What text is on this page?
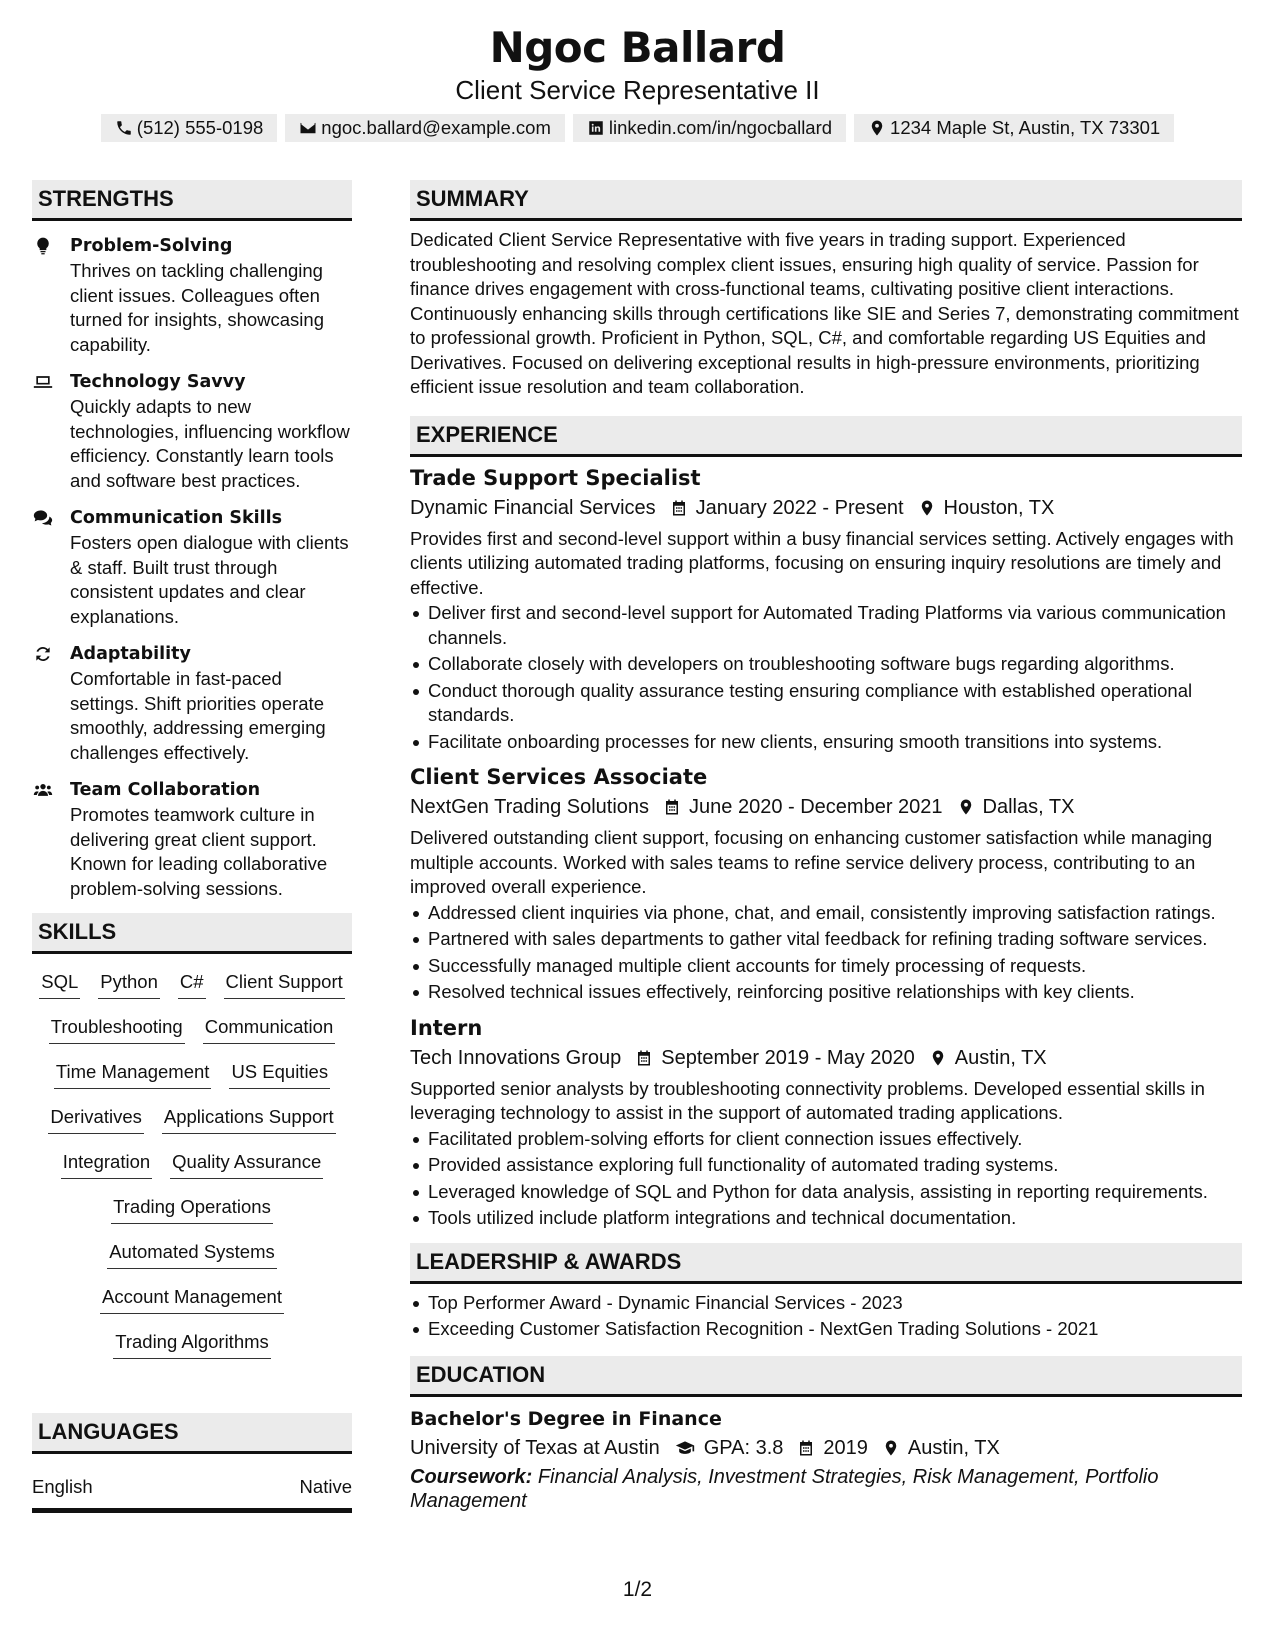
Ngoc Ballard
Client Service Representative II
(512) 555-0198	ngoc.ballard@example.com	linkedin.com/in/ngocballard	1234 Maple St, Austin, TX 73301
STRENGTHS
Problem-Solving
Thrives on tackling challenging client issues. Colleagues often turned for insights, showcasing capability.
Technology Savvy
Quickly adapts to new technologies, influencing workflow efficiency. Constantly learn tools and software best practices.
Communication Skills
Fosters open dialogue with clients & staff. Built trust through consistent updates and clear explanations.
Adaptability
Comfortable in fast-paced settings. Shift priorities operate smoothly, addressing emerging challenges effectively.
Team Collaboration
Promotes teamwork culture in delivering great client support. Known for leading collaborative problem-solving sessions.
SKILLS
SQL Python C# Client Support
Troubleshooting Communication
Time Management US Equities
Derivatives Applications Support
Integration Quality Assurance
Trading Operations
Automated Systems
Account Management
Trading Algorithms
LANGUAGES
English	Native
SUMMARY
Dedicated Client Service Representative with five years in trading support. Experienced troubleshooting and resolving complex client issues, ensuring high quality of service. Passion for finance drives engagement with cross-functional teams, cultivating positive client interactions. Continuously enhancing skills through certifications like SIE and Series 7, demonstrating commitment to professional growth. Proficient in Python, SQL, C#, and comfortable regarding US Equities and Derivatives. Focused on delivering exceptional results in high-pressure environments, prioritizing efficient issue resolution and team collaboration.
EXPERIENCE
Trade Support Specialist
Dynamic Financial Services January 2022 - Present Houston, TX
Provides first and second-level support within a busy financial services setting. Actively engages with clients utilizing automated trading platforms, focusing on ensuring inquiry resolutions are timely and effective.
Deliver first and second-level support for Automated Trading Platforms via various communication channels.
Collaborate closely with developers on troubleshooting software bugs regarding algorithms.
Conduct thorough quality assurance testing ensuring compliance with established operational standards.
Facilitate onboarding processes for new clients, ensuring smooth transitions into systems.
Client Services Associate
NextGen Trading Solutions June 2020 - December 2021 Dallas, TX
Delivered outstanding client support, focusing on enhancing customer satisfaction while managing multiple accounts. Worked with sales teams to refine service delivery process, contributing to an improved overall experience.
Addressed client inquiries via phone, chat, and email, consistently improving satisfaction ratings.
Partnered with sales departments to gather vital feedback for refining trading software services.
Successfully managed multiple client accounts for timely processing of requests.
Resolved technical issues effectively, reinforcing positive relationships with key clients.
Intern
Tech Innovations Group September 2019 - May 2020 Austin, TX
Supported senior analysts by troubleshooting connectivity problems. Developed essential skills in leveraging technology to assist in the support of automated trading applications.
Facilitated problem-solving efforts for client connection issues effectively.
Provided assistance exploring full functionality of automated trading systems.
Leveraged knowledge of SQL and Python for data analysis, assisting in reporting requirements.
Tools utilized include platform integrations and technical documentation.
LEADERSHIP & AWARDS
Top Performer Award - Dynamic Financial Services - 2023
Exceeding Customer Satisfaction Recognition - NextGen Trading Solutions - 2021
EDUCATION
Bachelor's Degree in Finance
University of Texas at Austin GPA: 3.8 2019 Austin, TX
Coursework: Financial Analysis, Investment Strategies, Risk Management, Portfolio Management
1/2
